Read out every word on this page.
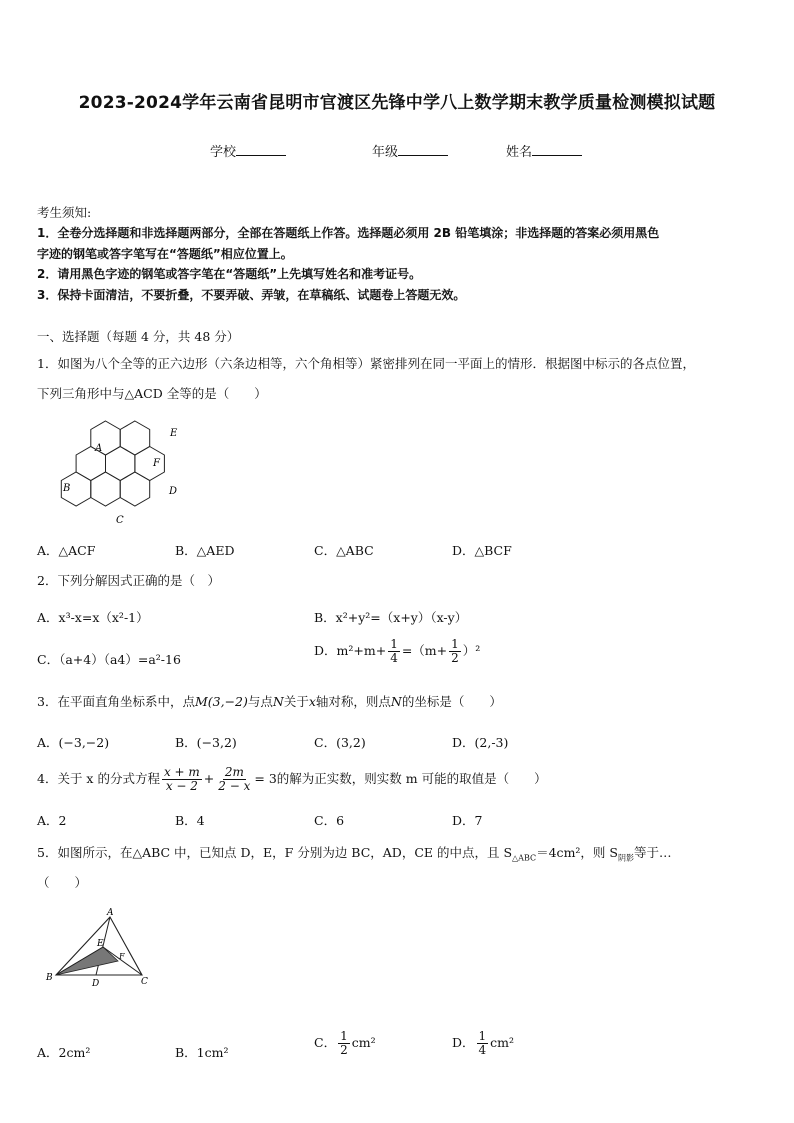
2023-2024学年云南省昆明市官渡区先锋中学八上数学期末教学质量检测模拟试题
学校	年级	姓名
考生须知:
1．全卷分选择题和非选择题两部分，全部在答题纸上作答。选择题必须用 2B 铅笔填涂；非选择题的答案必须用黑色
字迹的钢笔或答字笔写在“答题纸”相应位置上。
2．请用黑色字迹的钢笔或答字笔在“答题纸”上先填写姓名和准考证号。
3．保持卡面清洁，不要折叠，不要弄破、弄皱，在草稿纸、试题卷上答题无效。
一、选择题（每题 4 分，共 48 分）
1．如图为八个全等的正六边形（六条边相等，六个角相等）紧密排列在同一平面上的情形．根据图中标示的各点位置，
下列三角形中与△ACD 全等的是（　　）
A
E
F
B	D
C
A．△ACF	B．△AED	C．△ABC	D．△BCF
2．下列分解因式正确的是（　）
A．x³-x=x（x²-1）	B．x²+y²=（x+y）（x-y）
C．（a+4）（a4）=a²-16
D．$m^2+m+ \frac{1}{4} =(m+ \frac{1}{2} )^2$
3．在平面直角坐标系中，点M(3,−2)与点N关于x轴对称，则点N的坐标是（　　）
A．(−3,−2)	B．(−3,2)	C．(3,2)	D．(2,-3)
4．关于 x 的分式方程 $\frac{x + m}{x - 2} + \frac{2m}{2 - x} = 3$的解为正实数，则实数 m 可能的取值是（　　）
A．2	B．4	C．6	D．7
5．如图所示，在△ABC 中，已知点 D，E，F 分别为边 BC，AD，CE 的中点，且 $S_{\triangle ABC}=4cm^2$，则 $S_{阴影}$等于…
（　　）
A
E
F
B
D	C
A．2cm²	B．1cm²
C． $\frac{1}{2} cm^2$	D． $\frac{1}{4} cm^2$
